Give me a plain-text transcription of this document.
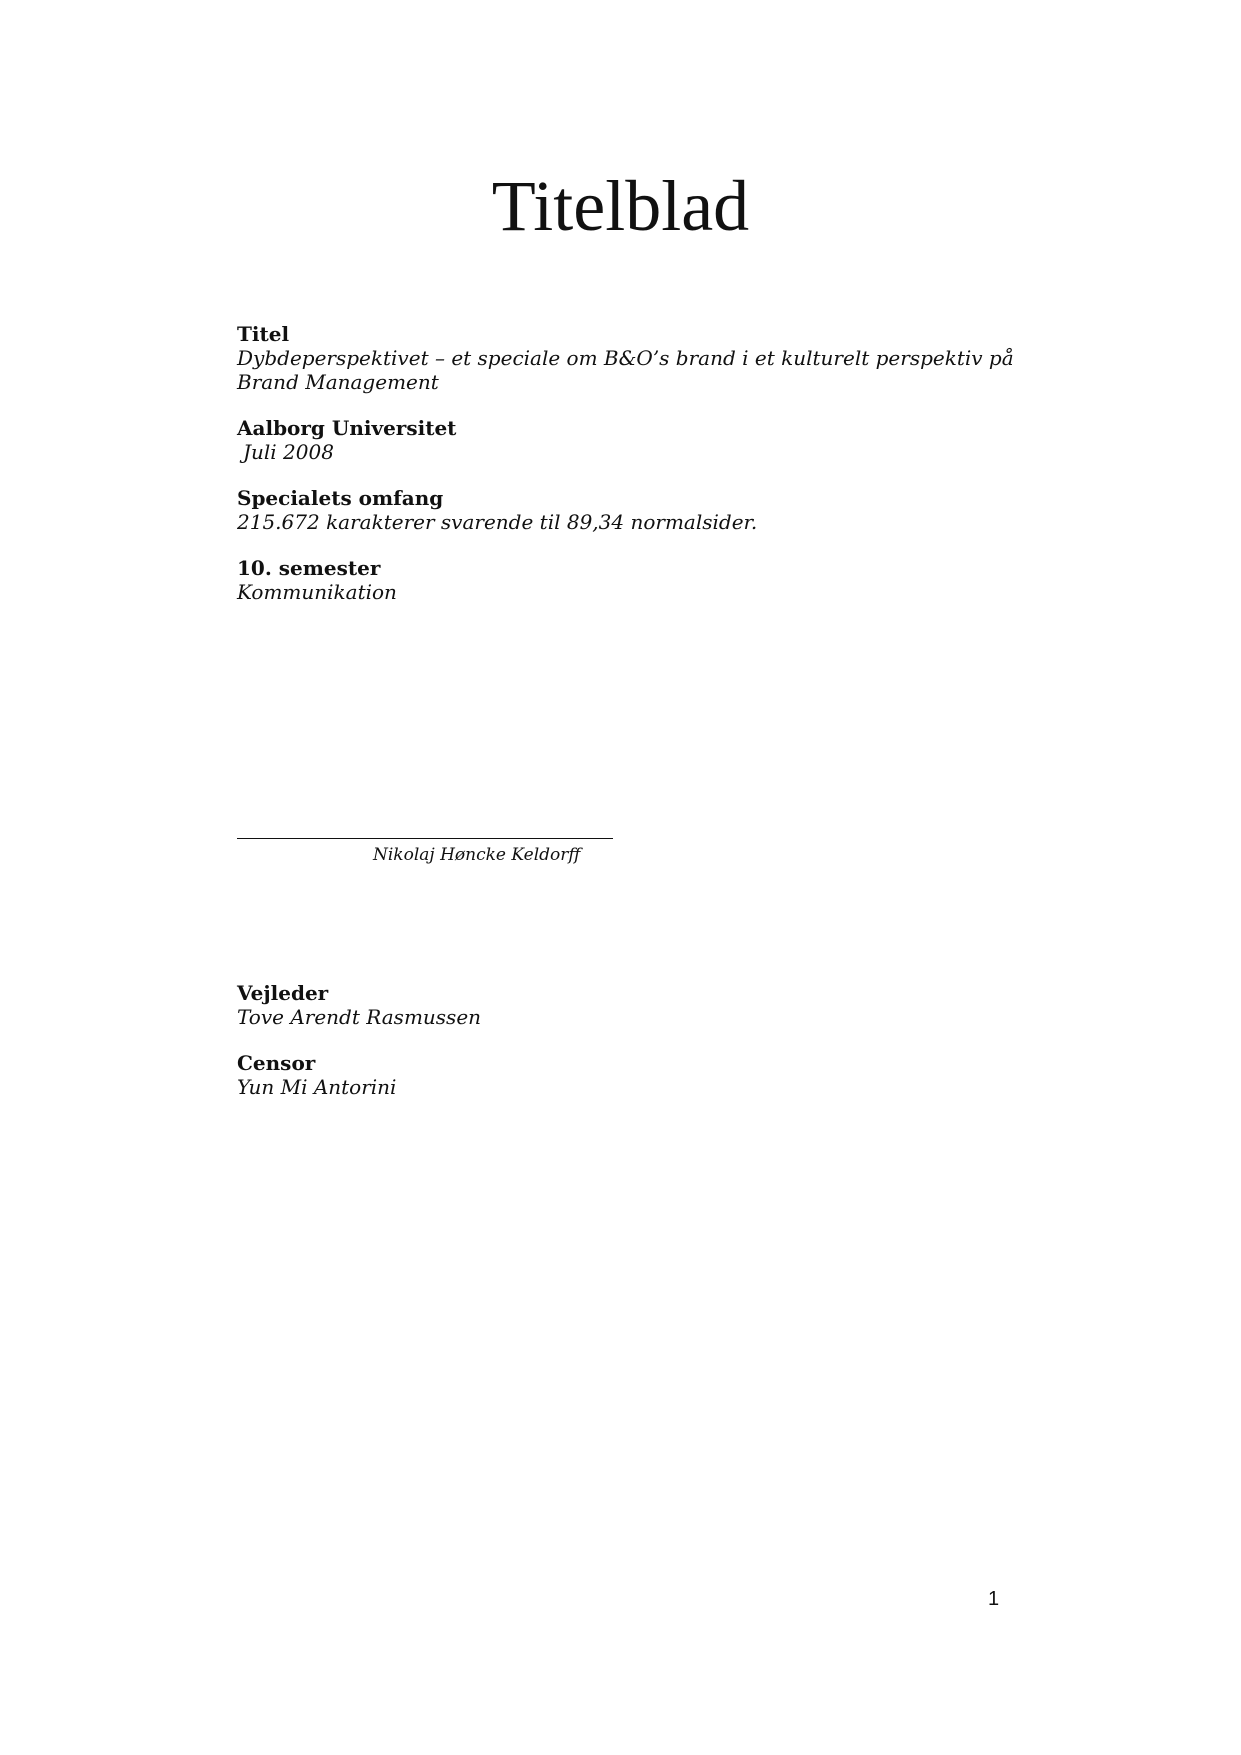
Titelblad
Titel
Dybdeperspektivet – et speciale om B&O’s brand i et kulturelt perspektiv på Brand Management
Aalborg Universitet
Juli 2008
Specialets omfang
215.672 karakterer svarende til 89,34 normalsider.
10. semester
Kommunikation
Nikolaj Høncke Keldorff
Vejleder
Tove Arendt Rasmussen
Censor
Yun Mi Antorini
1
